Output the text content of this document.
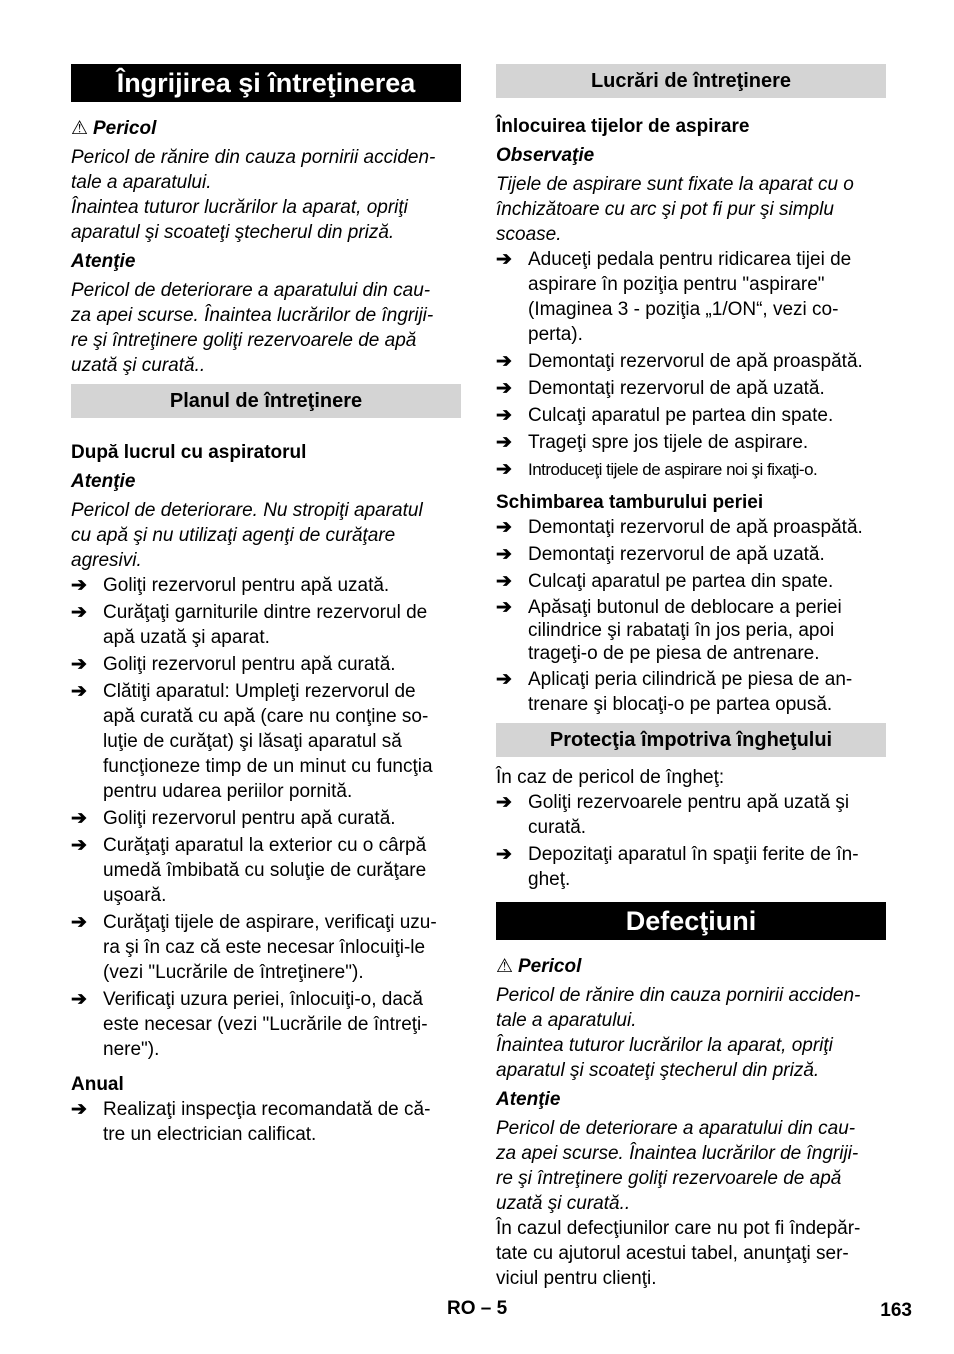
Îngrijirea şi întreţinerea

⚠ Pericol

Pericol de rănire din cauza pornirii acciden-
tale a aparatului.
Înaintea tuturor lucrărilor la aparat, opriţi
aparatul şi scoateţi ştecherul din priză.

Atenţie

Pericol de deteriorare a aparatului din cau-
za apei scurse. Înaintea lucrărilor de îngriji-
re şi întreţinere goliţi rezervoarele de apă
uzată şi curată..
Planul de întreţinere

După lucrul cu aspiratorul

Atenţie

Pericol de deteriorare. Nu stropiţi aparatul
cu apă şi nu utilizaţi agenţi de curăţare
agresivi.
➔ Goliţi rezervorul pentru apă uzată.
➔ Curăţaţi garniturile dintre rezervorul de
apă uzată şi aparat.
➔ Goliţi rezervorul pentru apă curată.
➔ Clătiţi aparatul: Umpleţi rezervorul de
apă curată cu apă (care nu conţine so-
luţie de curăţat) şi lăsaţi aparatul să
funcţioneze timp de un minut cu funcţia
pentru udarea periilor pornită.
➔ Goliţi rezervorul pentru apă curată.
➔ Curăţaţi aparatul la exterior cu o cârpă
umedă îmbibată cu soluţie de curăţare
uşoară.
➔ Curăţaţi tijele de aspirare, verificaţi uzu-
ra şi în caz că este necesar înlocuiţi-le
(vezi "Lucrările de întreţinere").
➔ Verificaţi uzura periei, înlocuiţi-o, dacă
este necesar (vezi "Lucrările de întreţi-
nere").

Anual

➔ Realizaţi inspecţia recomandată de că-
tre un electrician calificat.
Lucrări de întreţinere

Înlocuirea tijelor de aspirare

Observaţie

Tijele de aspirare sunt fixate la aparat cu o
închizătoare cu arc şi pot fi pur şi simplu
scoase.
➔ Aduceţi pedala pentru ridicarea tijei de
aspirare în poziţia pentru "aspirare"
(Imaginea 3 - poziţia „1/ON“, vezi co-
perta).
➔ Demontaţi rezervorul de apă proaspătă.
➔ Demontaţi rezervorul de apă uzată.
➔ Culcaţi aparatul pe partea din spate.
➔ Trageţi spre jos tijele de aspirare.
➔ Introduceţi tijele de aspirare noi şi fixaţi-o.

Schimbarea tamburului periei

➔ Demontaţi rezervorul de apă proaspătă.
➔ Demontaţi rezervorul de apă uzată.
➔ Culcaţi aparatul pe partea din spate.
➔ Apăsaţi butonul de deblocare a periei
cilindrice şi rabataţi în jos peria, apoi
trageţi-o de pe piesa de antrenare.
➔ Aplicaţi peria cilindrică pe piesa de an-
trenare şi blocaţi-o pe partea opusă.
Protecţia împotriva îngheţului

În caz de pericol de îngheţ:

➔ Goliţi rezervoarele pentru apă uzată şi
curată.
➔ Depozitaţi aparatul în spaţii ferite de în-
gheţ.
Defecţiuni

⚠ Pericol

Pericol de rănire din cauza pornirii acciden-
tale a aparatului.
Înaintea tuturor lucrărilor la aparat, opriţi
aparatul şi scoateţi ştecherul din priză.

Atenţie

Pericol de deteriorare a aparatului din cau-
za apei scurse. Înaintea lucrărilor de îngriji-
re şi întreţinere goliţi rezervoarele de apă
uzată şi curată..
În cazul defecţiunilor care nu pot fi îndepăr-
tate cu ajutorul acestui tabel, anunţaţi ser-
viciul pentru clienţi.
RO – 5	163
